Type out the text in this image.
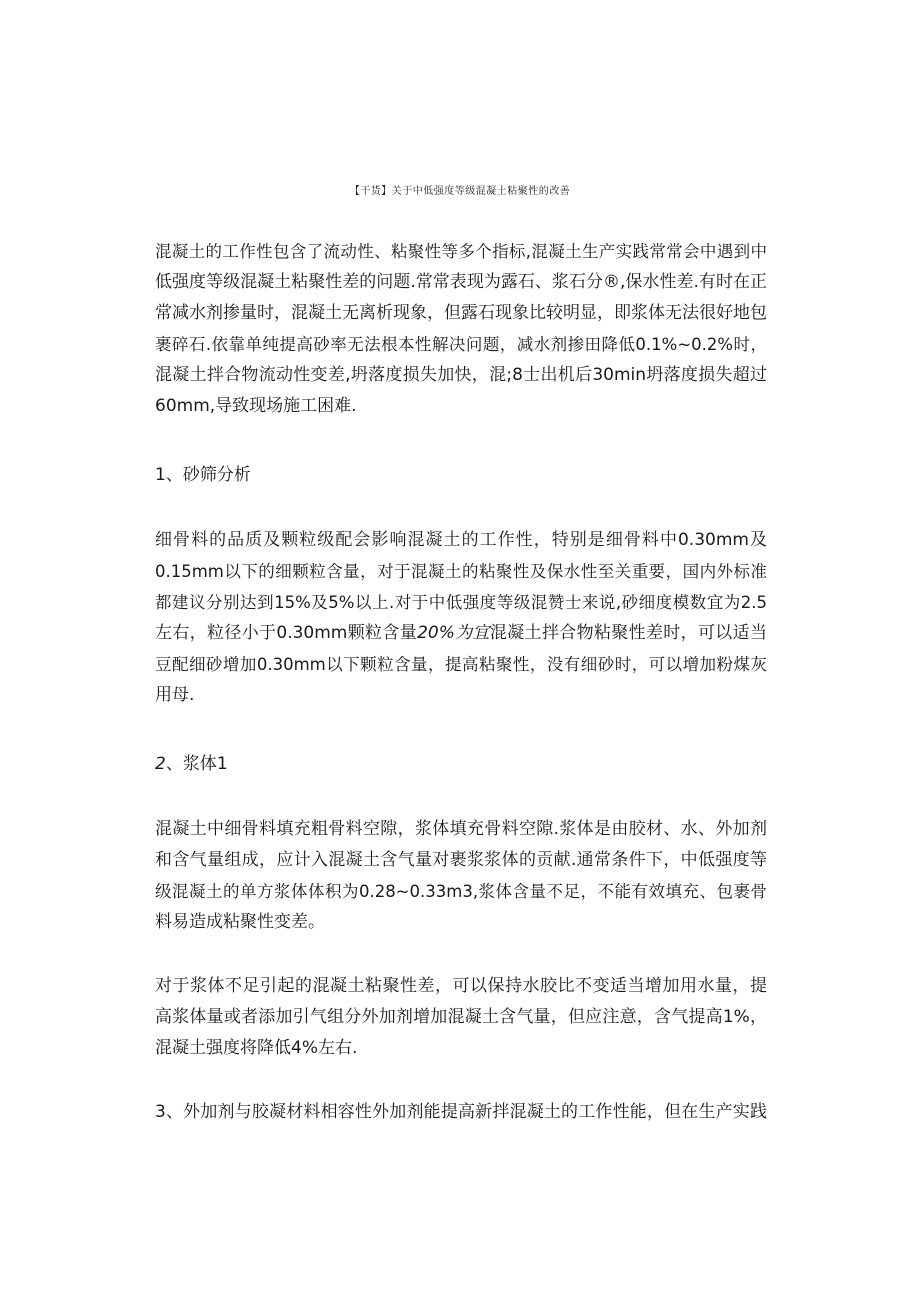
【干货】关于中低强度等级混凝土粘聚性的改善
混凝土的工作性包含了流动性、粘聚性等多个指标,混凝土生产实践常常会中遇到中
低强度等级混凝土粘聚性差的问题.常常表现为露石、浆石分®,保水性差.有时在正
常减水剂掺量时，混凝土无离析现象，但露石现象比较明显，即浆体无法很好地包
裹碎石.依靠单纯提高砂率无法根本性解决问题，减水剂掺田降低0.1%~0.2%时，
混凝土拌合物流动性变差,坍落度损失加快，混;8士出机后30min坍落度损失超过
60mm,导致现场施工困难.
1、砂筛分析
细骨料的品质及颗粒级配会影响混凝土的工作性，特别是细骨料中0.30mm及
0.15mm以下的细颗粒含量，对于混凝土的粘聚性及保水性至关重要，国内外标准
都建议分别达到15%及5%以上.对于中低强度等级混赞士来说,砂细度模数宜为2.5
左右，粒径小于0.30mm颗粒含量20%为宜混凝土拌合物粘聚性差时，可以适当
豆配细砂增加0.30mm以下颗粒含量，提高粘聚性，没有细砂时，可以增加粉煤灰
用母.
2、浆体1
混凝土中细骨料填充粗骨料空隙，浆体填充骨料空隙.浆体是由胶材、水、外加剂
和含气量组成，应计入混凝土含气量对裹浆浆体的贡献.通常条件下，中低强度等
级混凝土的单方浆体体积为0.28~0.33m3,浆体含量不足，不能有效填充、包裹骨
料易造成粘聚性变差。
对于浆体不足引起的混凝土粘聚性差，可以保持水胶比不变适当增加用水量，提
高浆体量或者添加引气组分外加剂增加混凝土含气量，但应注意，含气提高1%，
混凝土强度将降低4%左右.
3、外加剂与胶凝材料相容性外加剂能提高新拌混凝土的工作性能，但在生产实践
